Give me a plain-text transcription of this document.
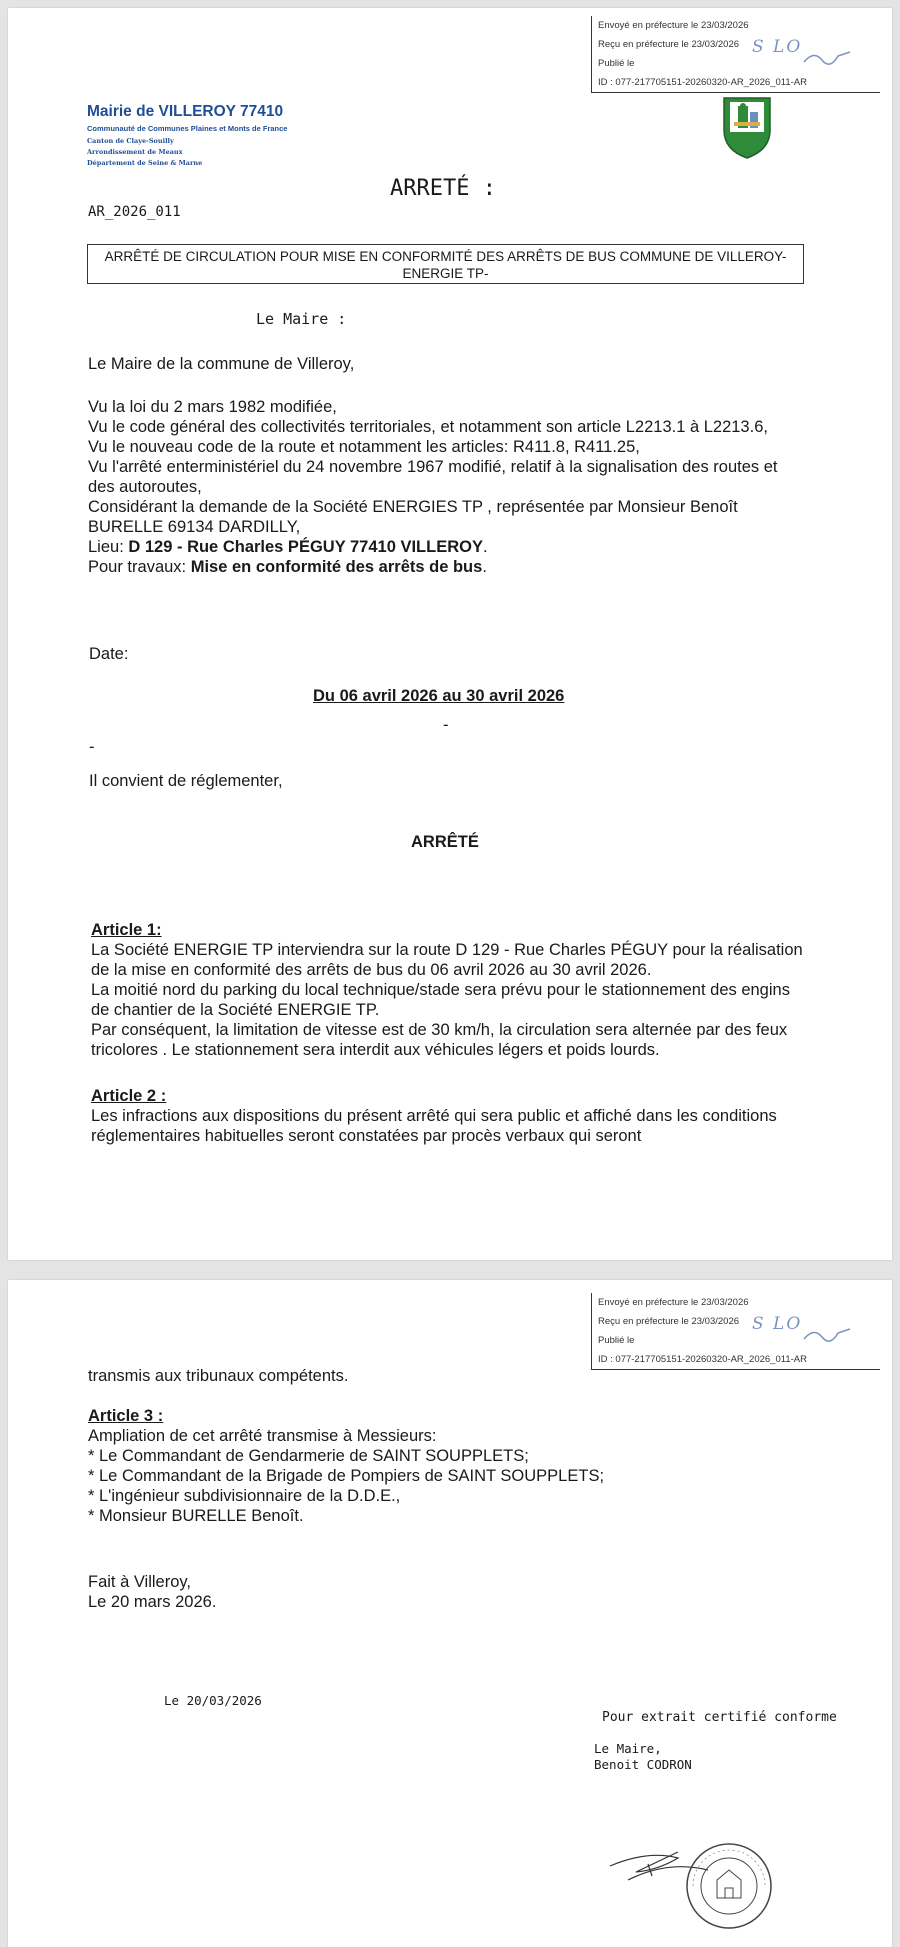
Envoyé en préfecture le 23/03/2026
Reçu en préfecture le 23/03/2026
Publié le
ID : 077-217705151-20260320-AR_2026_011-AR
S LO
Mairie de VILLEROY 77410
Communauté de Communes Plaines et Monts de France
Canton de Claye-Souilly
Arrondissement de Meaux
Département de Seine & Marne
ARRETÉ :
AR_2026_011
ARRÊTÉ DE CIRCULATION POUR MISE EN CONFORMITÉ DES ARRÊTS DE BUS COMMUNE DE VILLEROY-ENERGIE TP-
Le Maire :
Le Maire de la commune de Villeroy,
Vu la loi du 2 mars 1982 modifiée,
Vu le code général des collectivités territoriales, et notamment son article L2213.1 à L2213.6,
Vu le nouveau code de la route et notamment les articles: R411.8, R411.25,
Vu l'arrêté enterministériel du 24 novembre 1967 modifié, relatif à la signalisation des routes et des autoroutes,
Considérant la demande de la Société ENERGIES TP , représentée par Monsieur Benoît BURELLE 69134 DARDILLY,
Lieu: D 129 - Rue Charles PÉGUY 77410 VILLEROY.
Pour travaux: Mise en conformité des arrêts de bus.
Date:
Du 06 avril 2026 au 30 avril 2026
-
-
Il convient de réglementer,
ARRÊTÉ
Article 1:
La Société ENERGIE TP interviendra sur la route D 129 - Rue Charles PÉGUY pour la réalisation de la mise en conformité des arrêts de bus du 06 avril 2026 au 30 avril 2026.
La moitié nord du parking du local technique/stade sera prévu pour le stationnement des engins de chantier de la Société ENERGIE TP.
Par conséquent, la limitation de vitesse est de 30 km/h, la circulation sera alternée par des feux tricolores . Le stationnement sera interdit aux véhicules légers et poids lourds.
Article 2 :
Les infractions aux dispositions du présent arrêté qui sera public et affiché dans les conditions réglementaires habituelles seront constatées par procès verbaux qui seront
Envoyé en préfecture le 23/03/2026
Reçu en préfecture le 23/03/2026
Publié le
ID : 077-217705151-20260320-AR_2026_011-AR
S LO
transmis aux tribunaux compétents.
Article 3 :
Ampliation de cet arrêté transmise à Messieurs:
* Le Commandant de Gendarmerie de SAINT SOUPPLETS;
* Le Commandant de la Brigade de Pompiers de SAINT SOUPPLETS;
* L'ingénieur subdivisionnaire de la D.D.E.,
* Monsieur BURELLE Benoît.
Fait à Villeroy,
Le 20 mars 2026.
Le 20/03/2026
Pour extrait certifié conforme
Le Maire,
Benoit CODRON
